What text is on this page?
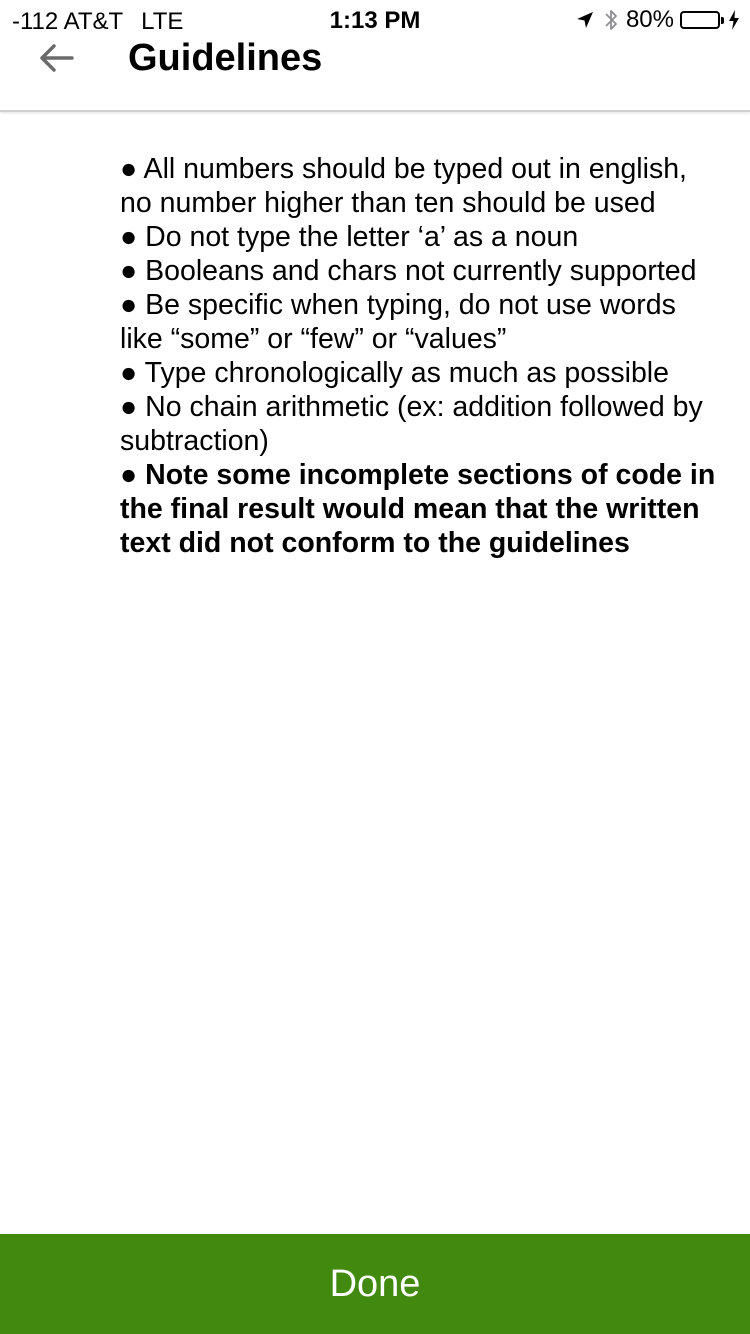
Guidelines
-112 AT&T LTE	1:13 PM	80%

● All numbers should be typed out in english, no number higher than ten should be used

● Do not type the letter ‘a’ as a noun

● Booleans and chars not currently supported

● Be specific when typing, do not use words like “some” or “few” or “values”

● Type chronologically as much as possible

● No chain arithmetic (ex: addition followed by subtraction)

● Note some incomplete sections of code in the final result would mean that the written text did not conform to the guidelines

Done
